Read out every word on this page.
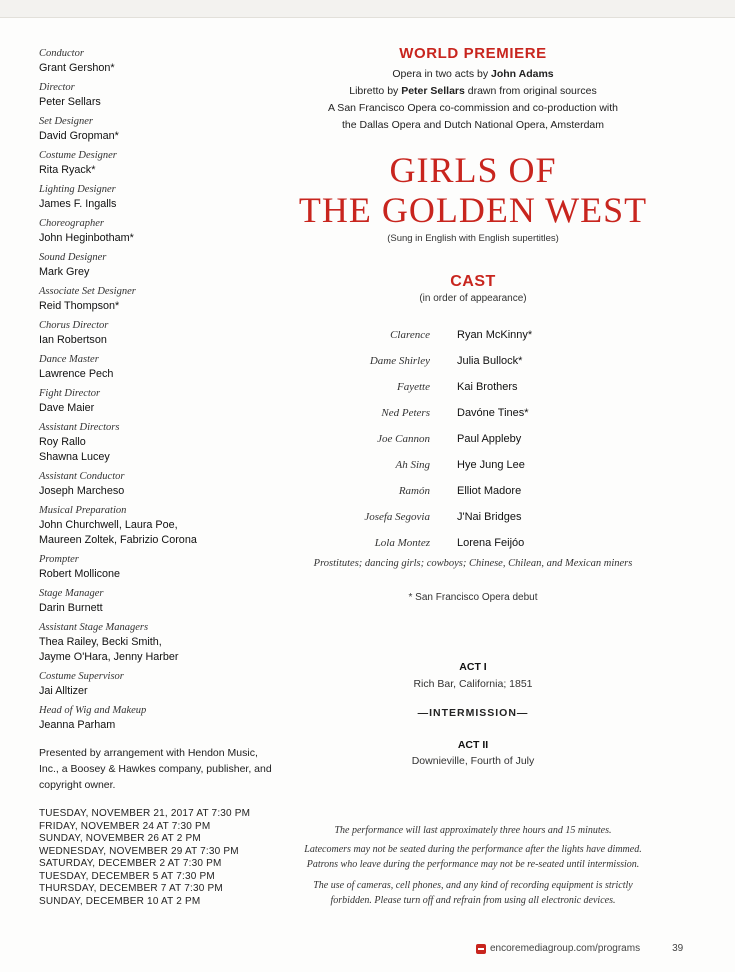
Conductor
Grant Gershon*
Director
Peter Sellars
Set Designer
David Gropman*
Costume Designer
Rita Ryack*
Lighting Designer
James F. Ingalls
Choreographer
John Heginbotham*
Sound Designer
Mark Grey
Associate Set Designer
Reid Thompson*
Chorus Director
Ian Robertson
Dance Master
Lawrence Pech
Fight Director
Dave Maier
Assistant Directors
Roy Rallo
Shawna Lucey
Assistant Conductor
Joseph Marcheso
Musical Preparation
John Churchwell, Laura Poe,
Maureen Zoltek, Fabrizio Corona
Prompter
Robert Mollicone
Stage Manager
Darin Burnett
Assistant Stage Managers
Thea Railey, Becki Smith,
Jayme O'Hara, Jenny Harber
Costume Supervisor
Jai Alltizer
Head of Wig and Makeup
Jeanna Parham
Presented by arrangement with Hendon Music, Inc., a Boosey & Hawkes company, publisher, and copyright owner.
TUESDAY, NOVEMBER 21, 2017 AT 7:30 PM
FRIDAY, NOVEMBER 24 AT 7:30 PM
SUNDAY, NOVEMBER 26 AT 2 PM
WEDNESDAY, NOVEMBER 29 AT 7:30 PM
SATURDAY, DECEMBER 2 AT 7:30 PM
TUESDAY, DECEMBER 5 AT 7:30 PM
THURSDAY, DECEMBER 7 AT 7:30 PM
SUNDAY, DECEMBER 10 AT 2 PM
WORLD PREMIERE
Opera in two acts by John Adams
Libretto by Peter Sellars drawn from original sources
A San Francisco Opera co-commission and co-production with
the Dallas Opera and Dutch National Opera, Amsterdam
GIRLS OF
THE GOLDEN WEST
(Sung in English with English supertitles)
CAST
(in order of appearance)
Clarence	Ryan McKinny*
Dame Shirley	Julia Bullock*
Fayette	Kai Brothers
Ned Peters	Davóne Tines*
Joe Cannon	Paul Appleby
Ah Sing	Hye Jung Lee
Ramón	Elliot Madore
Josefa Segovia	J'Nai Bridges
Lola Montez	Lorena Feijóo
Prostitutes; dancing girls; cowboys; Chinese, Chilean, and Mexican miners
* San Francisco Opera debut
ACT I
Rich Bar, California; 1851
—INTERMISSION—
ACT II
Downieville, Fourth of July
The performance will last approximately three hours and 15 minutes.
Latecomers may not be seated during the performance after the lights have dimmed. Patrons who leave during the performance may not be re-seated until intermission.
The use of cameras, cell phones, and any kind of recording equipment is strictly forbidden. Please turn off and refrain from using all electronic devices.
encoremediagroup.com/programs	39
